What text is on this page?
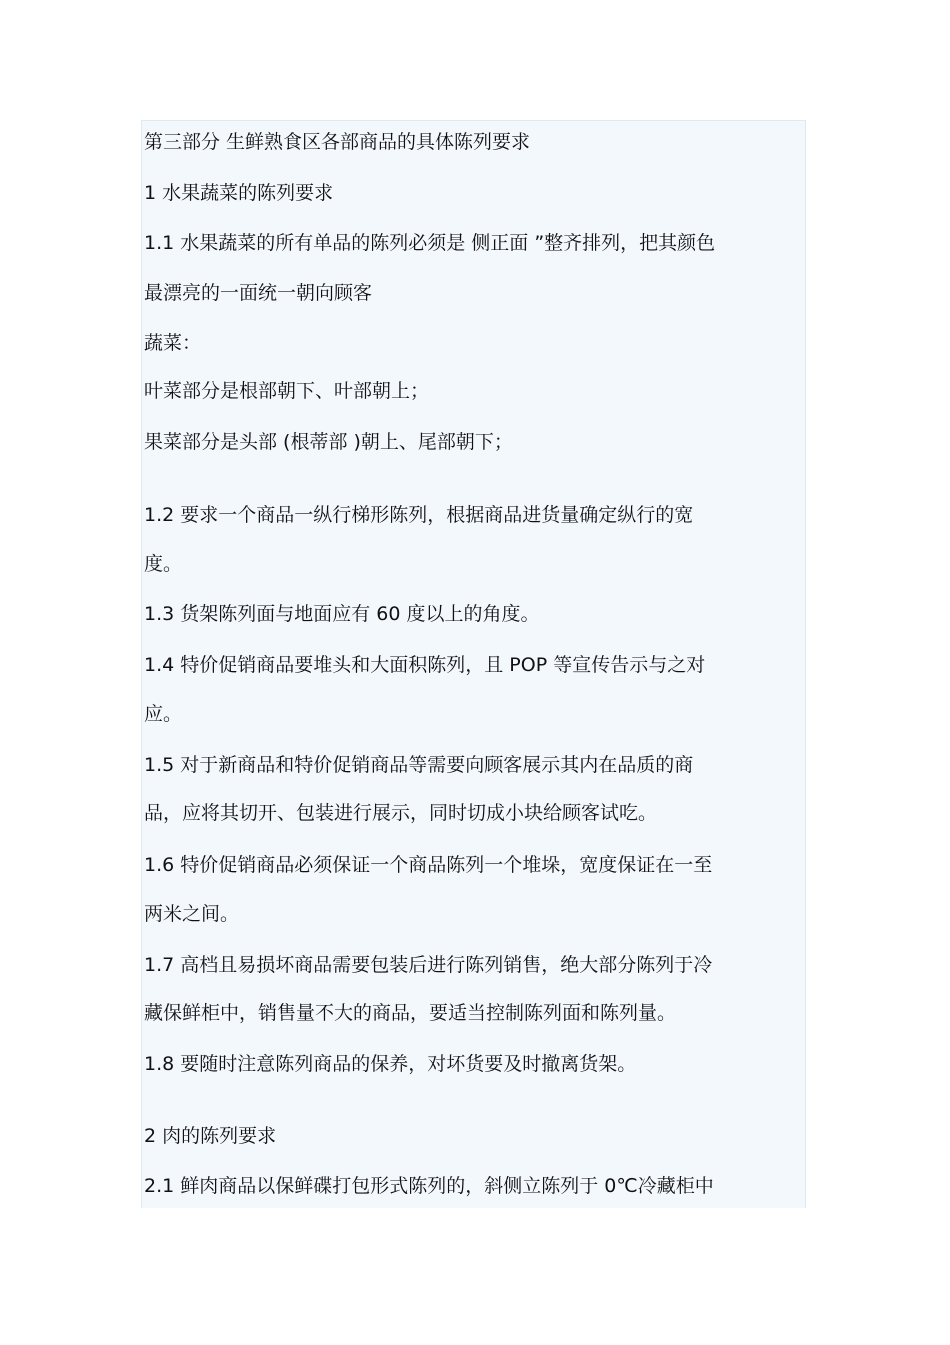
第三部分 生鲜熟食区各部商品的具体陈列要求
1 水果蔬菜的陈列要求
1.1 水果蔬菜的所有单品的陈列必须是 侧正面 ”整齐排列，把其颜色
最漂亮的一面统一朝向顾客
蔬菜：
叶菜部分是根部朝下、叶部朝上；
果菜部分是头部 (根蒂部 )朝上、尾部朝下；
1.2 要求一个商品一纵行梯形陈列，根据商品进货量确定纵行的宽
度。
1.3 货架陈列面与地面应有 60 度以上的角度。
1.4 特价促销商品要堆头和大面积陈列，且 POP 等宣传告示与之对
应。
1.5 对于新商品和特价促销商品等需要向顾客展示其内在品质的商
品，应将其切开、包装进行展示，同时切成小块给顾客试吃。
1.6 特价促销商品必须保证一个商品陈列一个堆垛，宽度保证在一至
两米之间。
1.7 高档且易损坏商品需要包装后进行陈列销售，绝大部分陈列于冷
藏保鲜柜中，销售量不大的商品，要适当控制陈列面和陈列量。
1.8 要随时注意陈列商品的保养，对坏货要及时撤离货架。
2 肉的陈列要求
2.1 鲜肉商品以保鲜碟打包形式陈列的，斜侧立陈列于 0℃冷藏柜中
